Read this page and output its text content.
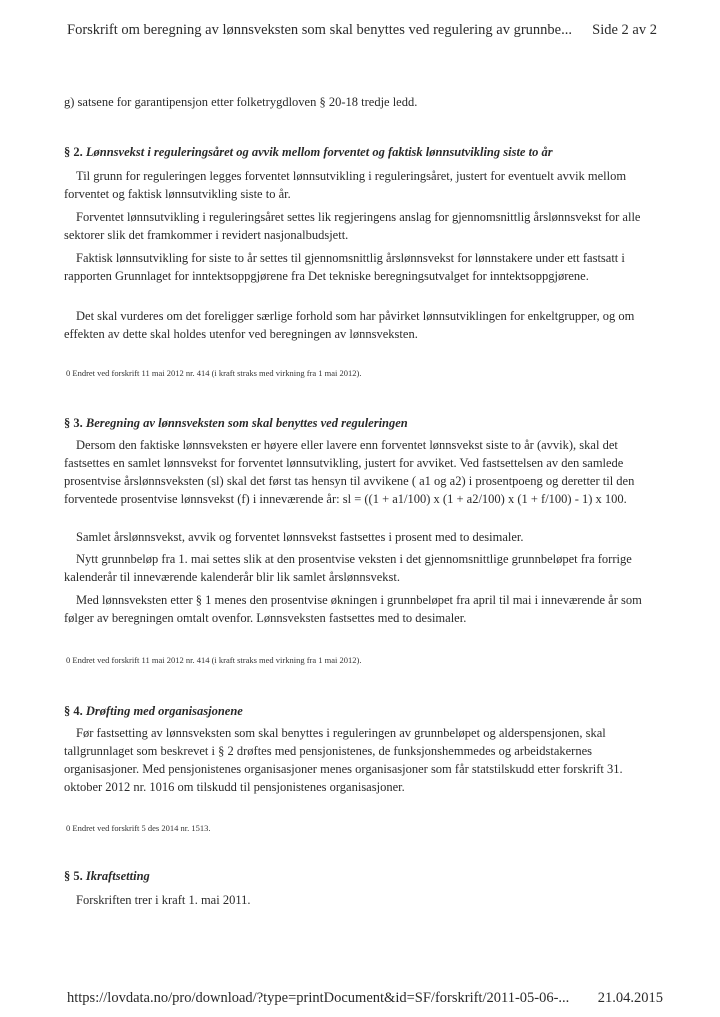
Forskrift om beregning av lønnsveksten som skal benyttes ved regulering av grunnbe... Side 2 av 2
g) satsene for garantipensjon etter folketrygdloven § 20-18 tredje ledd.
§ 2. Lønnsvekst i reguleringsåret og avvik mellom forventet og faktisk lønnsutvikling siste to år
Til grunn for reguleringen legges forventet lønnsutvikling i reguleringsåret, justert for eventuelt avvik mellom forventet og faktisk lønnsutvikling siste to år.
Forventet lønnsutvikling i reguleringsåret settes lik regjeringens anslag for gjennomsnittlig årslønnsvekst for alle sektorer slik det framkommer i revidert nasjonalbudsjett.
Faktisk lønnsutvikling for siste to år settes til gjennomsnittlig årslønnsvekst for lønnstakere under ett fastsatt i rapporten Grunnlaget for inntektsoppgjørene fra Det tekniske beregningsutvalget for inntektsoppgjørene.
Det skal vurderes om det foreligger særlige forhold som har påvirket lønnsutviklingen for enkeltgrupper, og om effekten av dette skal holdes utenfor ved beregningen av lønnsveksten.
0 Endret ved forskrift 11 mai 2012 nr. 414 (i kraft straks med virkning fra 1 mai 2012).
§ 3. Beregning av lønnsveksten som skal benyttes ved reguleringen
Dersom den faktiske lønnsveksten er høyere eller lavere enn forventet lønnsvekst siste to år (avvik), skal det fastsettes en samlet lønnsvekst for forventet lønnsutvikling, justert for avviket. Ved fastsettelsen av den samlede prosentvise årslønnsveksten (sl) skal det først tas hensyn til avvikene ( a1 og a2) i prosentpoeng og deretter til den forventede prosentvise lønnsvekst (f) i inneværende år: sl = ((1 + a1/100) x (1 + a2/100) x (1 + f/100) - 1) x 100.
Samlet årslønnsvekst, avvik og forventet lønnsvekst fastsettes i prosent med to desimaler.
Nytt grunnbeløp fra 1. mai settes slik at den prosentvise veksten i det gjennomsnittlige grunnbeløpet fra forrige kalenderår til inneværende kalenderår blir lik samlet årslønnsvekst.
Med lønnsveksten etter § 1 menes den prosentvise økningen i grunnbeløpet fra april til mai i inneværende år som følger av beregningen omtalt ovenfor. Lønnsveksten fastsettes med to desimaler.
0 Endret ved forskrift 11 mai 2012 nr. 414 (i kraft straks med virkning fra 1 mai 2012).
§ 4. Drøfting med organisasjonene
Før fastsetting av lønnsveksten som skal benyttes i reguleringen av grunnbeløpet og alderspensjonen, skal tallgrunnlaget som beskrevet i § 2 drøftes med pensjonistenes, de funksjonshemmedes og arbeidstakernes organisasjoner. Med pensjonistenes organisasjoner menes organisasjoner som får statstilskudd etter forskrift 31. oktober 2012 nr. 1016 om tilskudd til pensjonistenes organisasjoner.
0 Endret ved forskrift 5 des 2014 nr. 1513.
§ 5. Ikraftsetting
Forskriften trer i kraft 1. mai 2011.
https://lovdata.no/pro/download/?type=printDocument&id=SF/forskrift/2011-05-06-... 21.04.2015
